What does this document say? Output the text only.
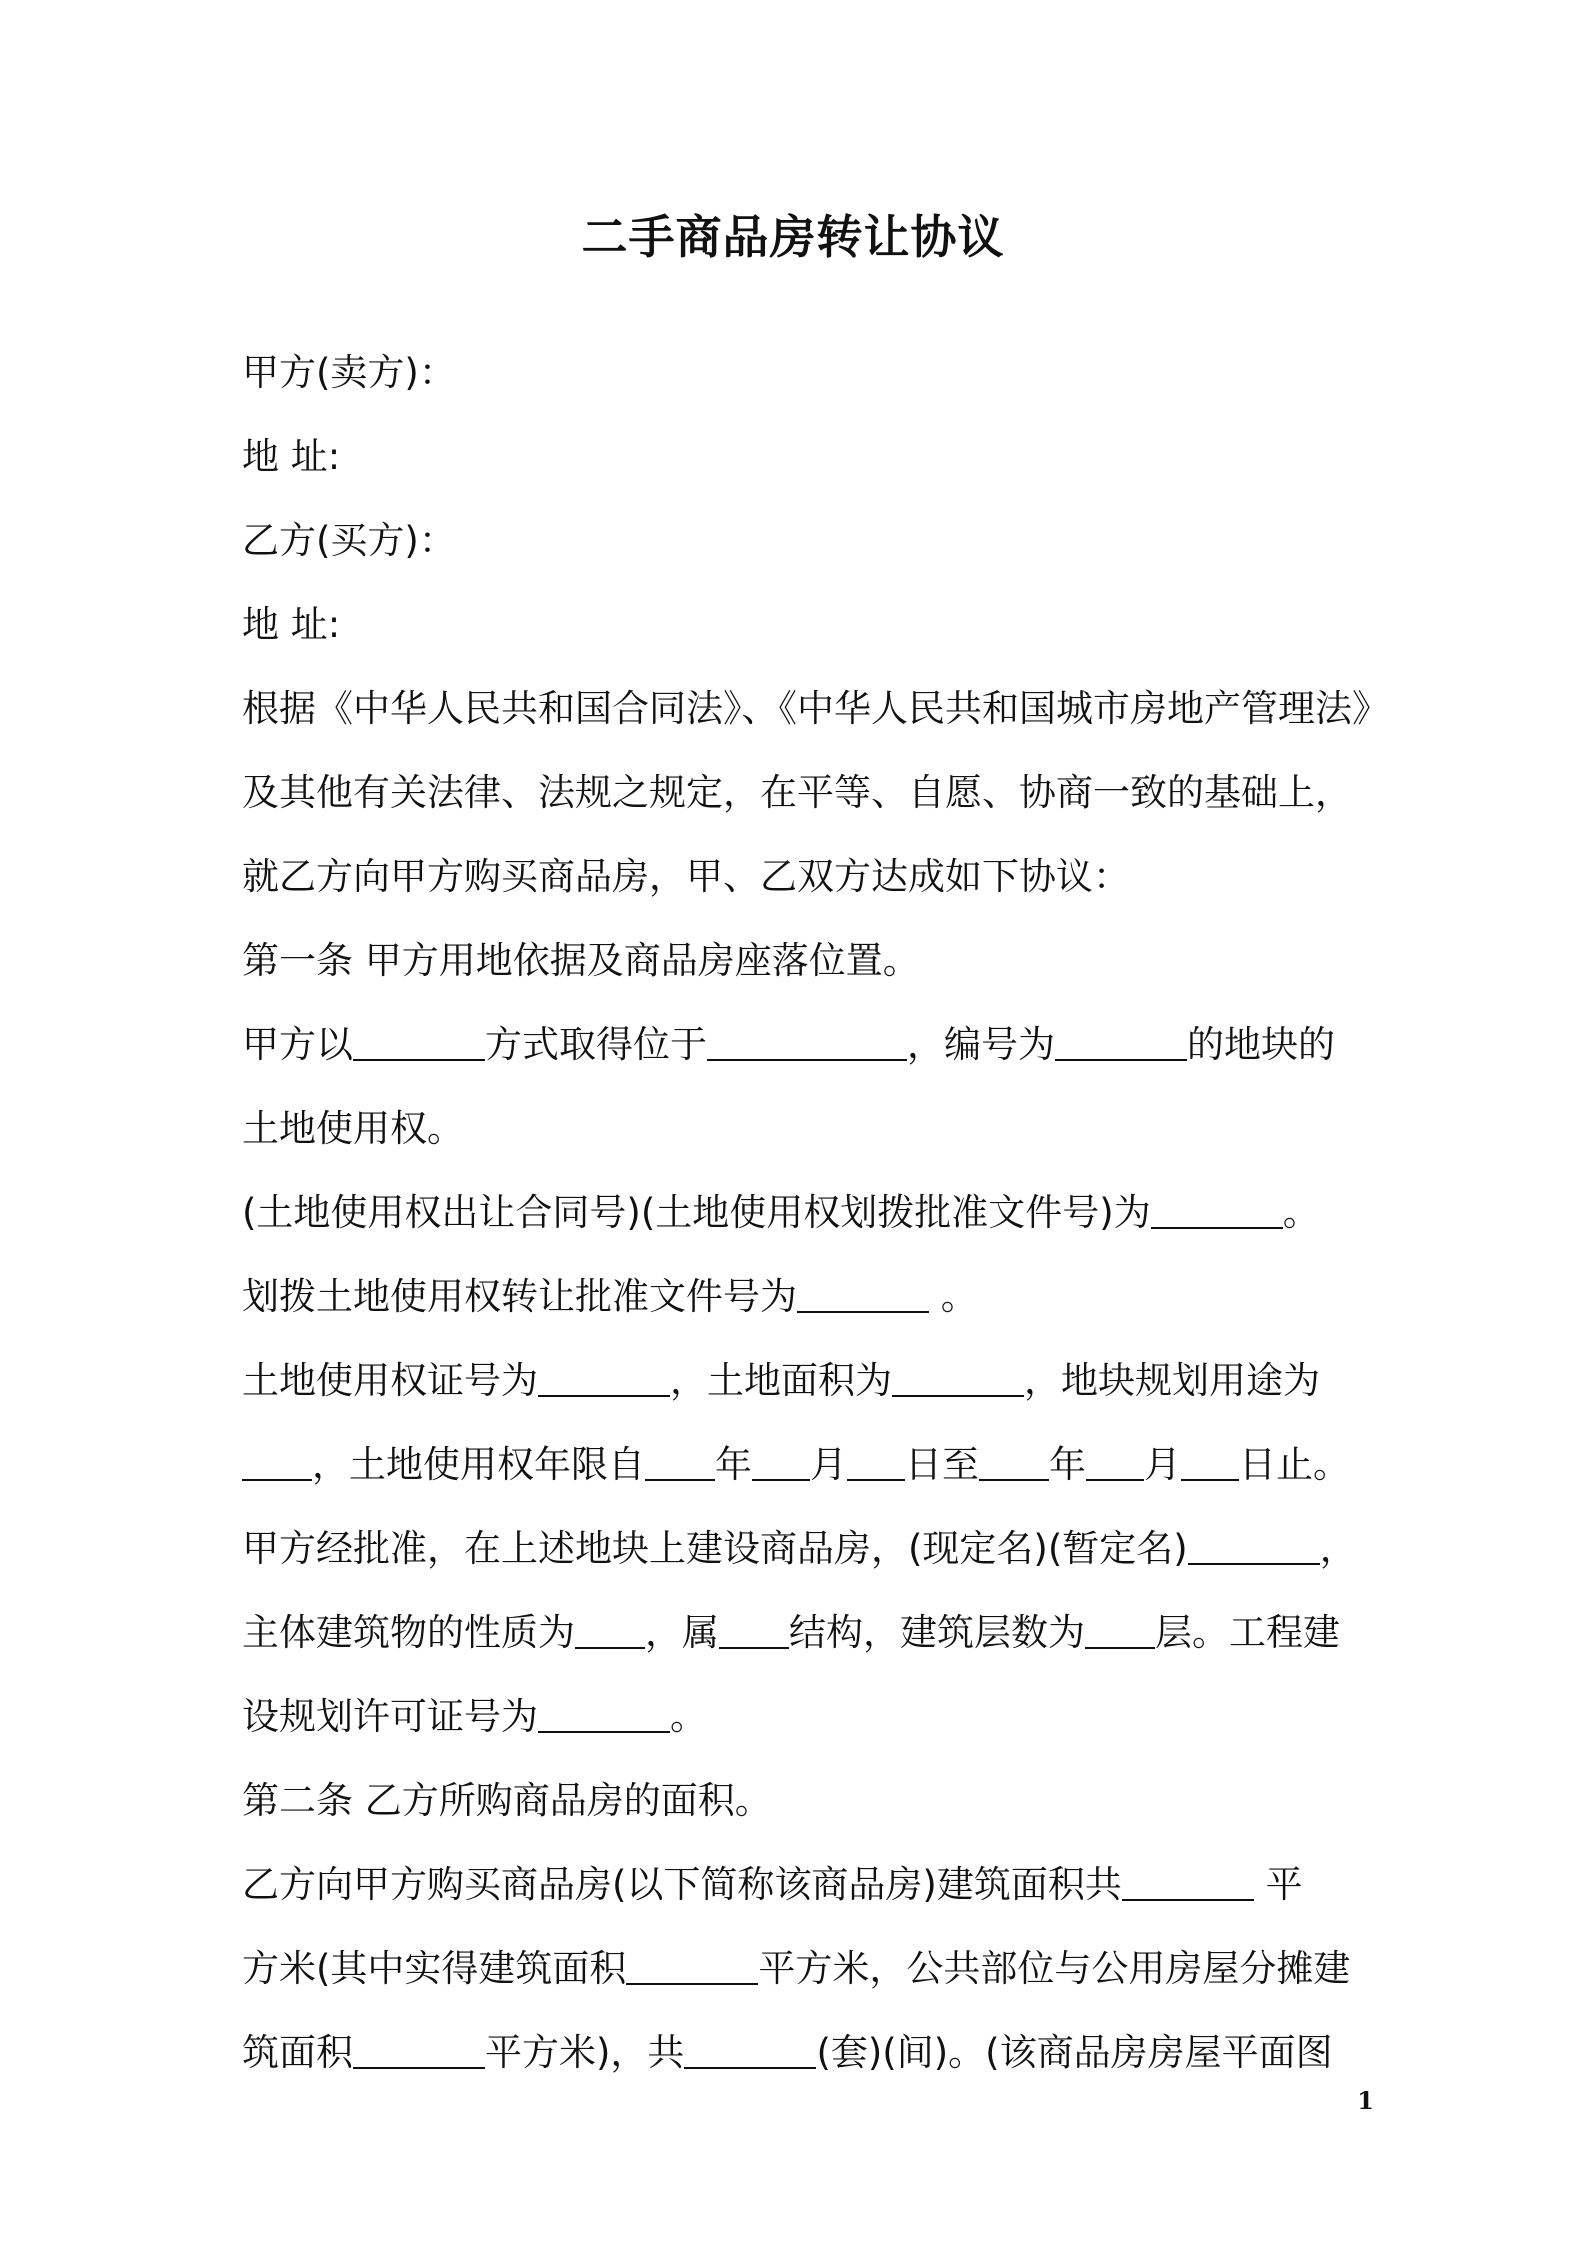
二手商品房转让协议
甲方(卖方)：
地 址:
乙方(买方)：
地 址:
根据《中华人民共和国合同法》、《中华人民共和国城市房地产管理法》
及其他有关法律、法规之规定，在平等、自愿、协商一致的基础上，
就乙方向甲方购买商品房，甲、乙双方达成如下协议：
第一条 甲方用地依据及商品房座落位置。
甲方以	方式取得位于	，编号为	的地块的
土地使用权。
(土地使用权出让合同号)(土地使用权划拨批准文件号)为	。
划拨土地使用权转让批准文件号为	。
土地使用权证号为	，土地面积为	，地块规划用途为
，土地使用权年限自 年 月 日至 年 月 日止。
甲方经批准，在上述地块上建设商品房，(现定名)(暂定名)	，
主体建筑物的性质为 ，属 结构，建筑层数为 层。工程建
设规划许可证号为	。
第二条 乙方所购商品房的面积。
乙方向甲方购买商品房(以下简称该商品房)建筑面积共	平
方米(其中实得建筑面积	平方米，公共部位与公用房屋分摊建
筑面积	平方米)，共	(套)(间)。(该商品房房屋平面图
1
